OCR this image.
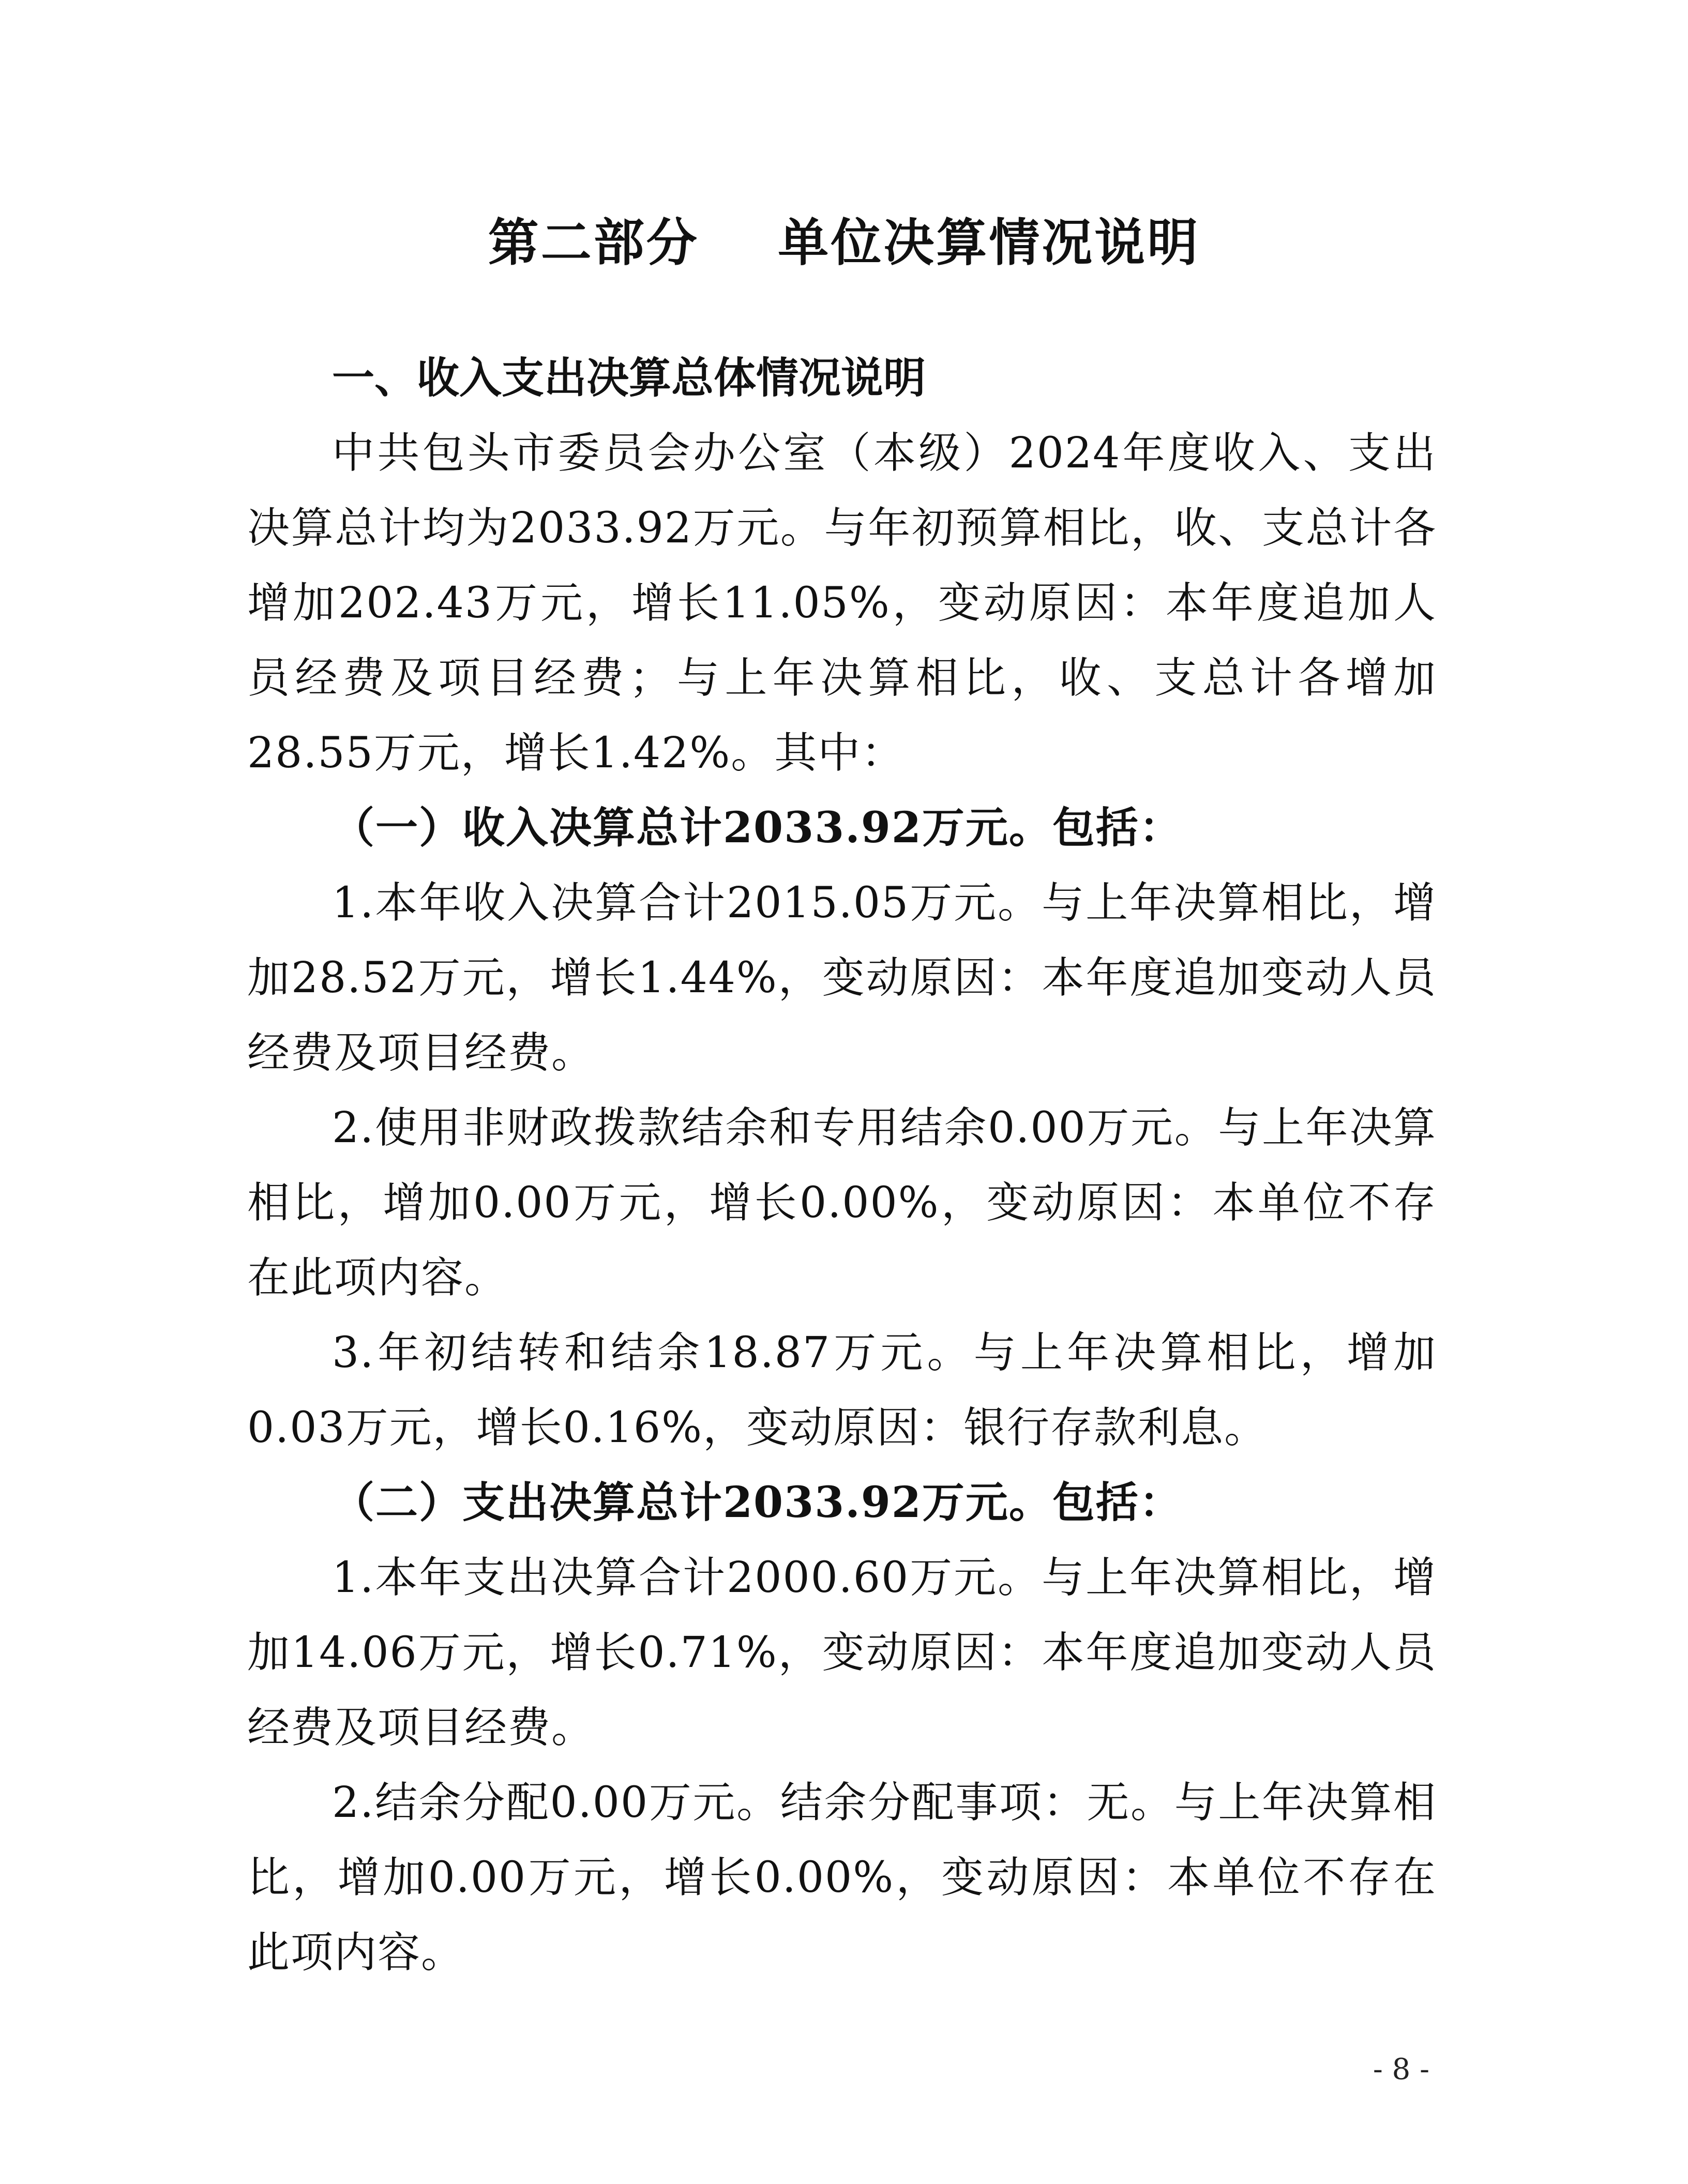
第二部分    单位决算情况说明
一、收入支出决算总体情况说明

中共包头市委员会办公室（本级）2024年度收入、支出决算总计均为2033.92万元。与年初预算相比，收、支总计各增加202.43万元，增长11.05%，变动原因：本年度追加人员经费及项目经费；与上年决算相比，收、支总计各增加28.55万元，增长1.42%。其中：

（一）收入决算总计2033.92万元。包括：

1.本年收入决算合计2015.05万元。与上年决算相比，增加28.52万元，增长1.44%，变动原因：本年度追加变动人员经费及项目经费。

2.使用非财政拨款结余和专用结余0.00万元。与上年决算相比，增加0.00万元，增长0.00%，变动原因：本单位不存在此项内容。

3.年初结转和结余18.87万元。与上年决算相比，增加0.03万元，增长0.16%，变动原因：银行存款利息。

（二）支出决算总计2033.92万元。包括：

1.本年支出决算合计2000.60万元。与上年决算相比，增加14.06万元，增长0.71%，变动原因：本年度追加变动人员经费及项目经费。

2.结余分配0.00万元。结余分配事项：无。与上年决算相比，增加0.00万元，增长0.00%，变动原因：本单位不存在此项内容。

- 8 -
